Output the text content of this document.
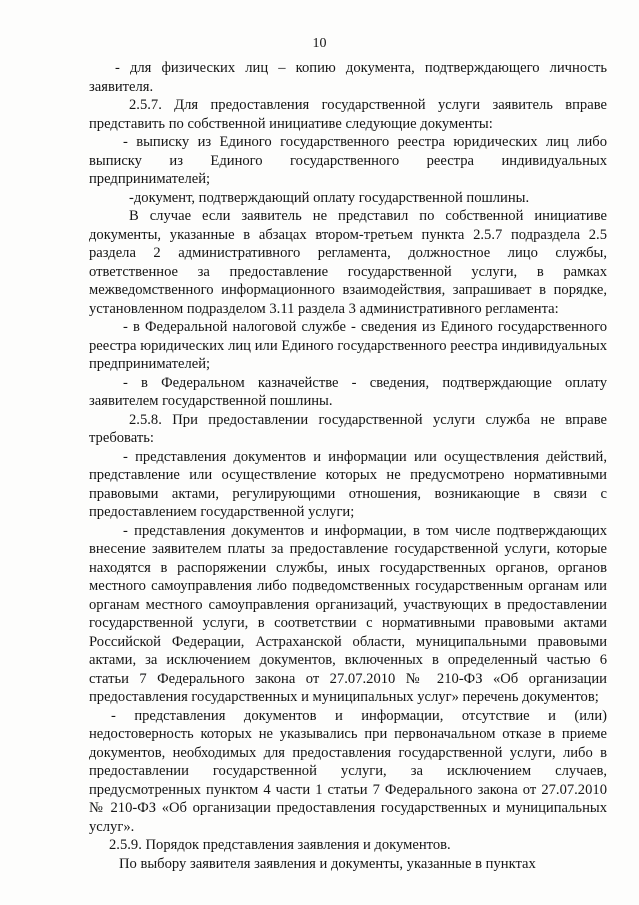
10

- для физических лиц – копию документа, подтверждающего личность заявителя.

2.5.7. Для предоставления государственной услуги заявитель вправе представить по собственной инициативе следующие документы:

- выписку из Единого государственного реестра юридических лиц либо выписку из Единого государственного реестра индивидуальных предпринимателей;

-документ, подтверждающий оплату государственной пошлины.

В случае если заявитель не представил по собственной инициативе документы, указанные в абзацах втором-третьем пункта 2.5.7 подраздела 2.5 раздела 2 административного регламента, должностное лицо службы, ответственное за предоставление государственной услуги, в рамках межведомственного информационного взаимодействия, запрашивает в порядке, установленном подразделом 3.11 раздела 3 административного регламента:

- в Федеральной налоговой службе - сведения из Единого государственного реестра юридических лиц или Единого государственного реестра индивидуальных предпринимателей;

- в Федеральном казначействе - сведения, подтверждающие оплату заявителем государственной пошлины.

2.5.8. При предоставлении государственной услуги служба не вправе требовать:

- представления документов и информации или осуществления действий, представление или осуществление которых не предусмотрено нормативными правовыми актами, регулирующими отношения, возникающие в связи с предоставлением государственной услуги;

- представления документов и информации, в том числе подтверждающих внесение заявителем платы за предоставление государственной услуги, которые находятся в распоряжении службы, иных государственных органов, органов местного самоуправления либо подведомственных государственным органам или органам местного самоуправления организаций, участвующих в предоставлении государственной услуги, в соответствии с нормативными правовыми актами Российской Федерации, Астраханской области, муниципальными правовыми актами, за исключением документов, включенных в определенный частью 6 статьи 7 Федерального закона от 27.07.2010 № 210-ФЗ «Об организации предоставления государственных и муниципальных услуг» перечень документов;

- представления документов и информации, отсутствие и (или) недостоверность которых не указывались при первоначальном отказе в приеме документов, необходимых для предоставления государственной услуги, либо в предоставлении государственной услуги, за исключением случаев, предусмотренных пунктом 4 части 1 статьи 7 Федерального закона от 27.07.2010 № 210-ФЗ «Об организации предоставления государственных и муниципальных услуг».

2.5.9. Порядок представления заявления и документов.

По выбору заявителя заявления и документы, указанные в пунктах
